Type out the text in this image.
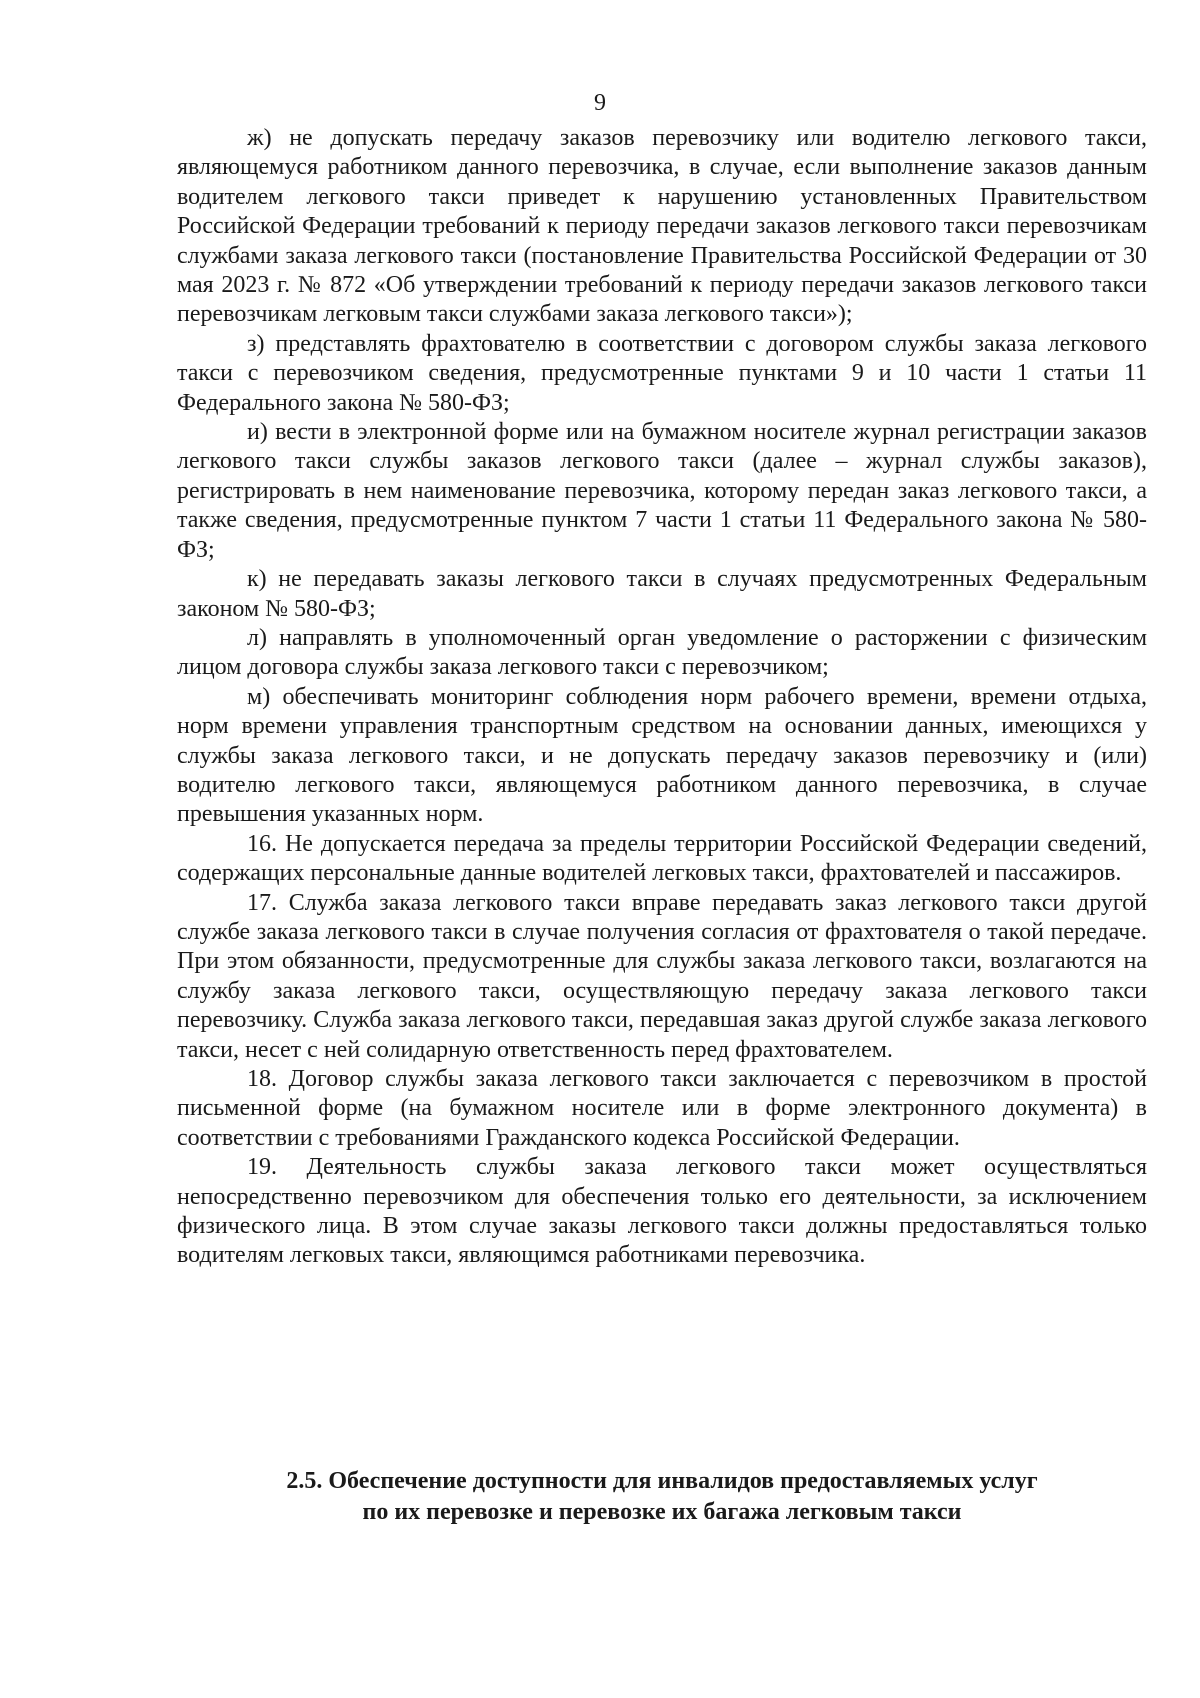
9

ж) не допускать передачу заказов перевозчику или водителю легкового такси, являющемуся работником данного перевозчика, в случае, если выполнение заказов данным водителем легкового такси приведет к нарушению установленных Правительством Российской Федерации требований к периоду передачи заказов легкового такси перевозчикам службами заказа легкового такси (постановление Правительства Российской Федерации от 30 мая 2023 г. № 872 «Об утверждении требований к периоду передачи заказов легкового такси перевозчикам легковым такси службами заказа легкового такси»);

з) представлять фрахтователю в соответствии с договором службы заказа легкового такси с перевозчиком сведения, предусмотренные пунктами 9 и 10 части 1 статьи 11 Федерального закона № 580-ФЗ;

и) вести в электронной форме или на бумажном носителе журнал регистрации заказов легкового такси службы заказов легкового такси (далее – журнал службы заказов), регистрировать в нем наименование перевозчика, которому передан заказ легкового такси, а также сведения, предусмотренные пунктом 7 части 1 статьи 11 Федерального закона № 580-ФЗ;

к) не передавать заказы легкового такси в случаях предусмотренных Федеральным законом № 580-ФЗ;

л) направлять в уполномоченный орган уведомление о расторжении с физическим лицом договора службы заказа легкового такси с перевозчиком;

м) обеспечивать мониторинг соблюдения норм рабочего времени, времени отдыха, норм времени управления транспортным средством на основании данных, имеющихся у службы заказа легкового такси, и не допускать передачу заказов перевозчику и (или) водителю легкового такси, являющемуся работником данного перевозчика, в случае превышения указанных норм.

16. Не допускается передача за пределы территории Российской Федерации сведений, содержащих персональные данные водителей легковых такси, фрахтователей и пассажиров.

17. Служба заказа легкового такси вправе передавать заказ легкового такси другой службе заказа легкового такси в случае получения согласия от фрахтователя о такой передаче. При этом обязанности, предусмотренные для службы заказа легкового такси, возлагаются на службу заказа легкового такси, осуществляющую передачу заказа легкового такси перевозчику. Служба заказа легкового такси, передавшая заказ другой службе заказа легкового такси, несет с ней солидарную ответственность перед фрахтователем.

18. Договор службы заказа легкового такси заключается с перевозчиком в простой письменной форме (на бумажном носителе или в форме электронного документа) в соответствии с требованиями Гражданского кодекса Российской Федерации.

19. Деятельность службы заказа легкового такси может осуществляться непосредственно перевозчиком для обеспечения только его деятельности, за исключением физического лица. В этом случае заказы легкового такси должны предоставляться только водителям легковых такси, являющимся работниками перевозчика.

2.5. Обеспечение доступности для инвалидов предоставляемых услуг
по их перевозке и перевозке их багажа легковым такси
